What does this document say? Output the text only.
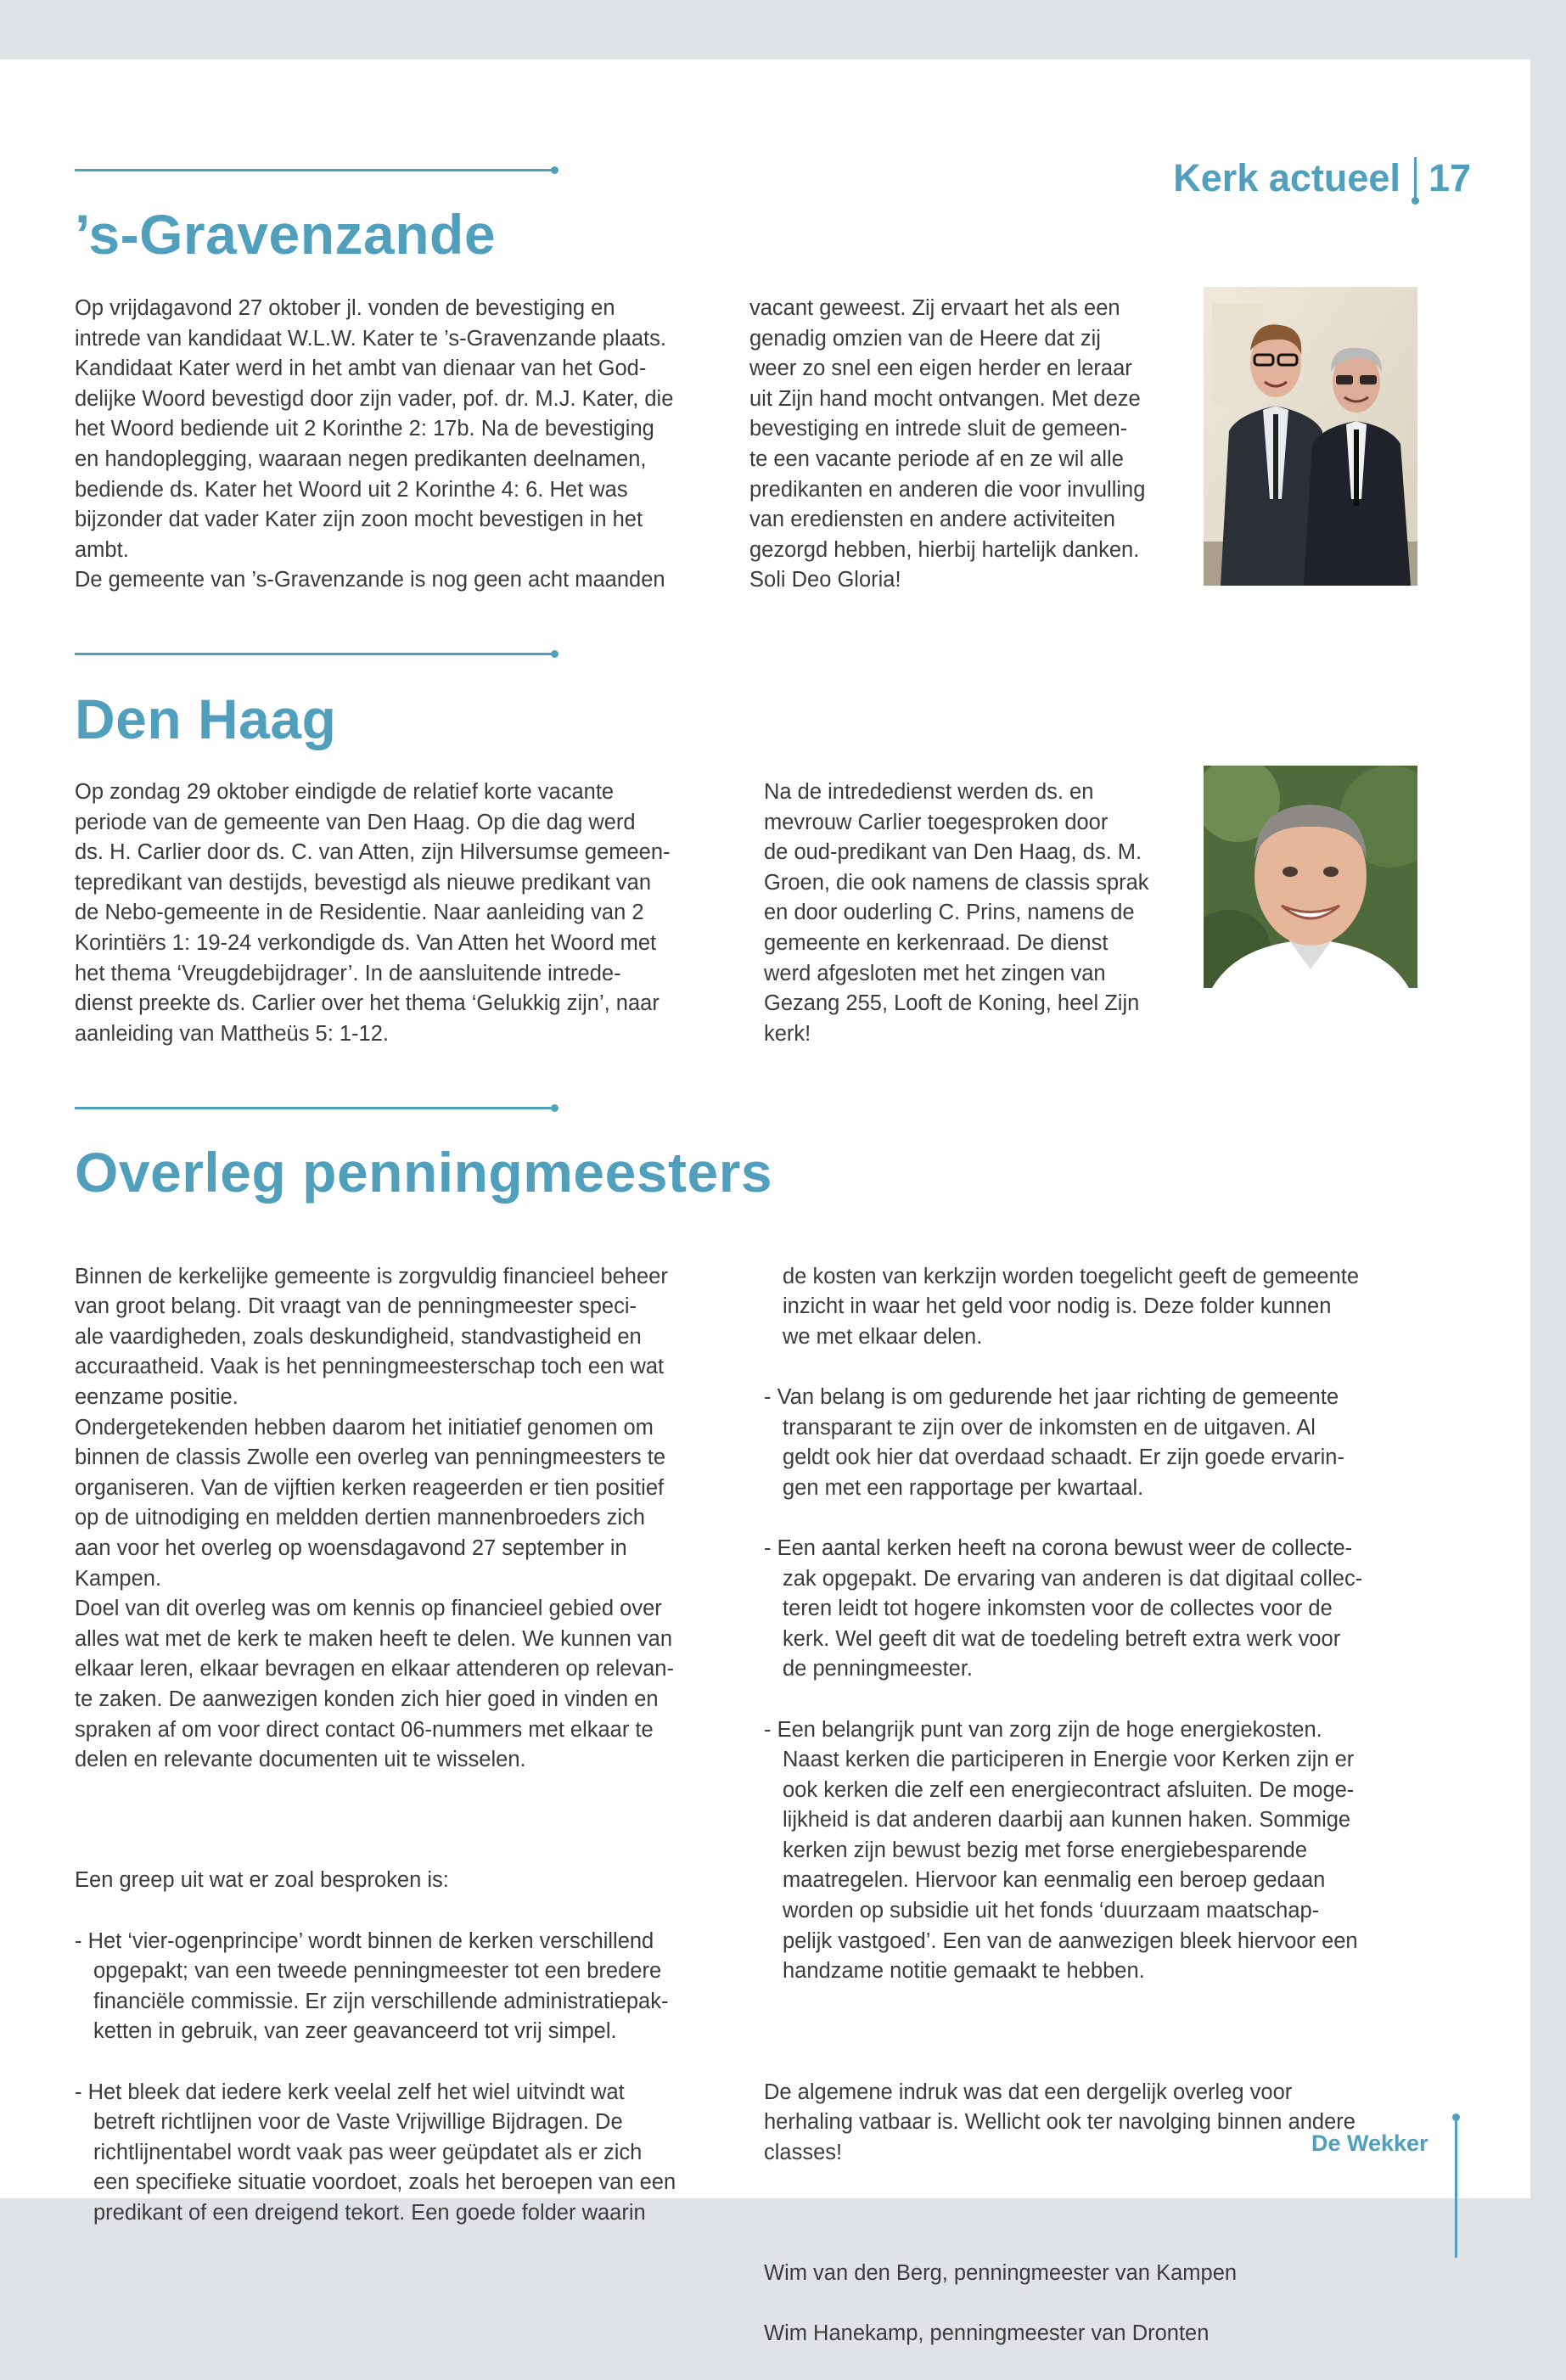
Kerk actueel 17
’s-Gravenzande
Op vrijdagavond 27 oktober jl. vonden de bevestiging en
intrede van kandidaat W.L.W. Kater te ’s-Gravenzande plaats.
Kandidaat Kater werd in het ambt van dienaar van het God-
delijke Woord bevestigd door zijn vader, pof. dr. M.J. Kater, die
het Woord bediende uit 2 Korinthe 2: 17b. Na de bevestiging
en handoplegging, waaraan negen predikanten deelnamen,
bediende ds. Kater het Woord uit 2 Korinthe 4: 6. Het was
bijzonder dat vader Kater zijn zoon mocht bevestigen in het
ambt.
De gemeente van ’s-Gravenzande is nog geen acht maanden
vacant geweest. Zij ervaart het als een
genadig omzien van de Heere dat zij
weer zo snel een eigen herder en leraar
uit Zijn hand mocht ontvangen. Met deze
bevestiging en intrede sluit de gemeen-
te een vacante periode af en ze wil alle
predikanten en anderen die voor invulling
van erediensten en andere activiteiten
gezorgd hebben, hierbij hartelijk danken.
Soli Deo Gloria!
Den Haag
Op zondag 29 oktober eindigde de relatief korte vacante
periode van de gemeente van Den Haag. Op die dag werd
ds. H. Carlier door ds. C. van Atten, zijn Hilversumse gemeen-
tepredikant van destijds, bevestigd als nieuwe predikant van
de Nebo-gemeente in de Residentie. Naar aanleiding van 2
Korintiërs 1: 19-24 verkondigde ds. Van Atten het Woord met
het thema ‘Vreugdebijdrager’. In de aansluitende intrede-
dienst preekte ds. Carlier over het thema ‘Gelukkig zijn’, naar
aanleiding van Mattheüs 5: 1-12.
Na de intrededienst werden ds. en
mevrouw Carlier toegesproken door
de oud-predikant van Den Haag, ds. M.
Groen, die ook namens de classis sprak
en door ouderling C. Prins, namens de
gemeente en kerkenraad. De dienst
werd afgesloten met het zingen van
Gezang 255, Looft de Koning, heel Zijn
kerk!
Overleg penningmeesters

Binnen de kerkelijke gemeente is zorgvuldig financieel beheer
van groot belang. Dit vraagt van de penningmeester speci-
ale vaardigheden, zoals deskundigheid, standvastigheid en
accuraatheid. Vaak is het penningmeesterschap toch een wat
eenzame positie.
Ondergetekenden hebben daarom het initiatief genomen om
binnen de classis Zwolle een overleg van penningmeesters te
organiseren. Van de vijftien kerken reageerden er tien positief
op de uitnodiging en meldden dertien mannenbroeders zich
aan voor het overleg op woensdagavond 27 september in
Kampen.
Doel van dit overleg was om kennis op financieel gebied over
alles wat met de kerk te maken heeft te delen. We kunnen van
elkaar leren, elkaar bevragen en elkaar attenderen op relevan-
te zaken. De aanwezigen konden zich hier goed in vinden en
spraken af om voor direct contact 06-nummers met elkaar te
delen en relevante documenten uit te wisselen.

Een greep uit wat er zoal besproken is:

- Het ‘vier-ogenprincipe’ wordt binnen de kerken verschillend
opgepakt; van een tweede penningmeester tot een bredere
financiële commissie. Er zijn verschillende administratiepak-
ketten in gebruik, van zeer geavanceerd tot vrij simpel.

- Het bleek dat iedere kerk veelal zelf het wiel uitvindt wat
betreft richtlijnen voor de Vaste Vrijwillige Bijdragen. De
richtlijnentabel wordt vaak pas weer geüpdatet als er zich
een specifieke situatie voordoet, zoals het beroepen van een
predikant of een dreigend tekort. Een goede folder waarin

de kosten van kerkzijn worden toegelicht geeft de gemeente
inzicht in waar het geld voor nodig is. Deze folder kunnen
we met elkaar delen.

- Van belang is om gedurende het jaar richting de gemeente
transparant te zijn over de inkomsten en de uitgaven. Al
geldt ook hier dat overdaad schaadt. Er zijn goede ervarin-
gen met een rapportage per kwartaal.

- Een aantal kerken heeft na corona bewust weer de collecte-
zak opgepakt. De ervaring van anderen is dat digitaal collec-
teren leidt tot hogere inkomsten voor de collectes voor de
kerk. Wel geeft dit wat de toedeling betreft extra werk voor
de penningmeester.

- Een belangrijk punt van zorg zijn de hoge energiekosten.
Naast kerken die participeren in Energie voor Kerken zijn er
ook kerken die zelf een energiecontract afsluiten. De moge-
lijkheid is dat anderen daarbij aan kunnen haken. Sommige
kerken zijn bewust bezig met forse energiebesparende
maatregelen. Hiervoor kan eenmalig een beroep gedaan
worden op subsidie uit het fonds ‘duurzaam maatschap-
pelijk vastgoed’. Een van de aanwezigen bleek hiervoor een
handzame notitie gemaakt te hebben.

De algemene indruk was dat een dergelijk overleg voor
herhaling vatbaar is. Wellicht ook ter navolging binnen andere
classes!

Wim van den Berg, penningmeester van Kampen

Wim Hanekamp, penningmeester van Dronten

De Wekker
